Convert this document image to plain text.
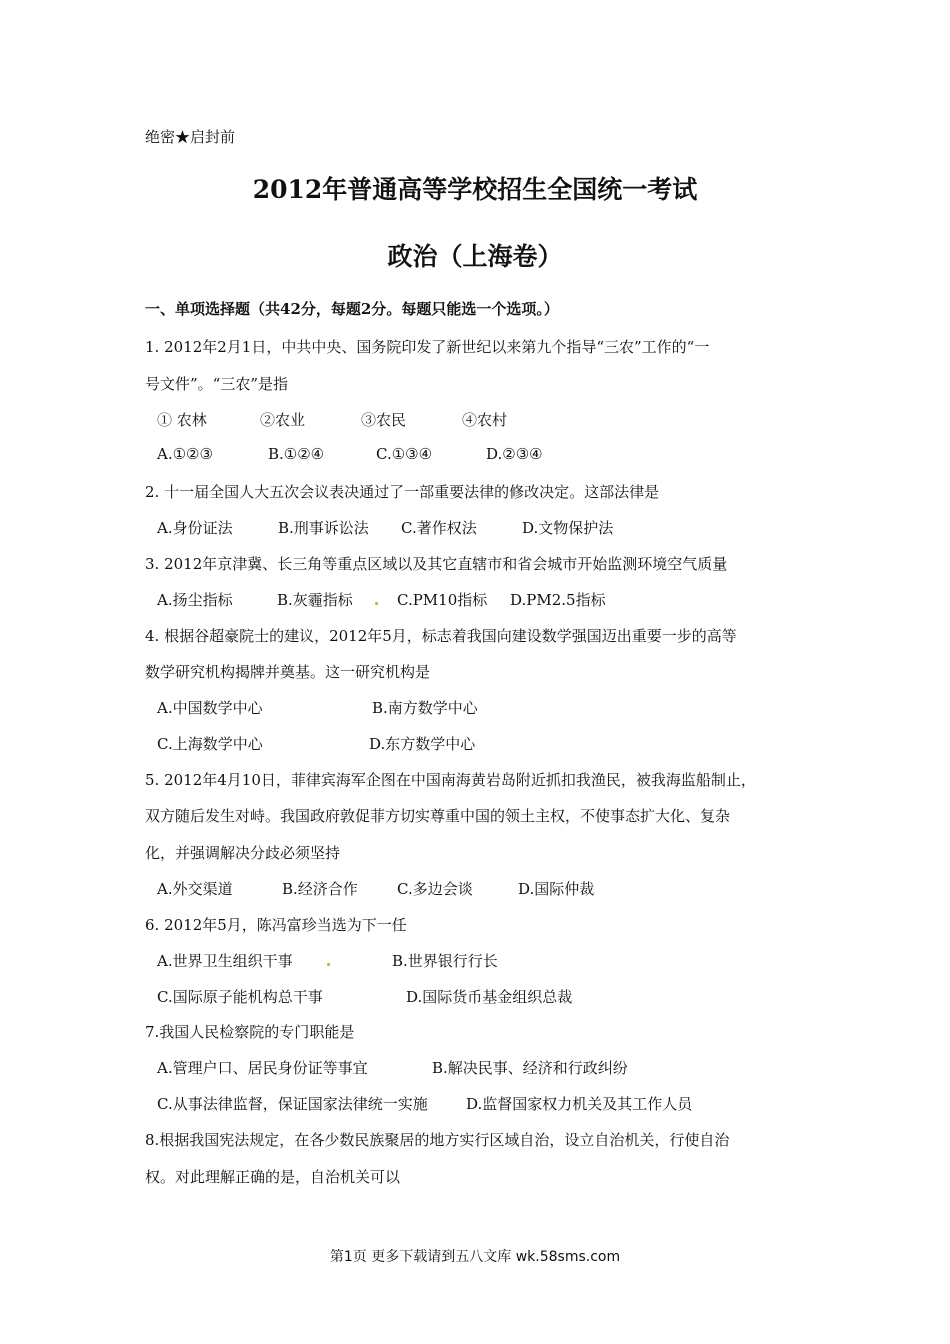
绝密★启封前
2012年普通高等学校招生全国统一考试
政治（上海卷）
一、单项选择题（共42分，每题2分。每题只能选一个选项。）
1. 2012年2月1日，中共中央、国务院印发了新世纪以来第九个指导“三农”工作的“一
号文件”。“三农”是指
① 农林	②农业	③农民	④农村
A.①②③	B.①②④	C.①③④	D.②③④
2. 十一届全国人大五次会议表决通过了一部重要法律的修改决定。这部法律是
A.身份证法	B.刑事诉讼法 C.著作权法	D.文物保护法
3. 2012年京津冀、长三角等重点区域以及其它直辖市和省会城市开始监测环境空气质量
A.扬尘指标	B.灰霾指标	C.PM10指标 D.PM2.5指标
4. 根据谷超豪院士的建议，2012年5月，标志着我国向建设数学强国迈出重要一步的高等
数学研究机构揭牌并奠基。这一研究机构是
A.中国数学中心	B.南方数学中心
C.上海数学中心	D.东方数学中心
5. 2012年4月10日，菲律宾海军企图在中国南海黄岩岛附近抓扣我渔民，被我海监船制止，
双方随后发生对峙。我国政府敦促菲方切实尊重中国的领土主权，不使事态扩大化、复杂
化，并强调解决分歧必须坚持
A.外交渠道	B.经济合作	C.多边会谈	D.国际仲裁
6. 2012年5月，陈冯富珍当选为下一任
A.世界卫生组织干事	B.世界银行行长
C.国际原子能机构总干事	D.国际货币基金组织总裁
7.我国人民检察院的专门职能是
A.管理户口、居民身份证等事宜	B.解决民事、经济和行政纠纷
C.从事法律监督，保证国家法律统一实施	D.监督国家权力机关及其工作人员
8.根据我国宪法规定，在各少数民族聚居的地方实行区域自治，设立自治机关，行使自治
权。对此理解正确的是，自治机关可以
第1页 更多下载请到五八文库 wk.58sms.com
